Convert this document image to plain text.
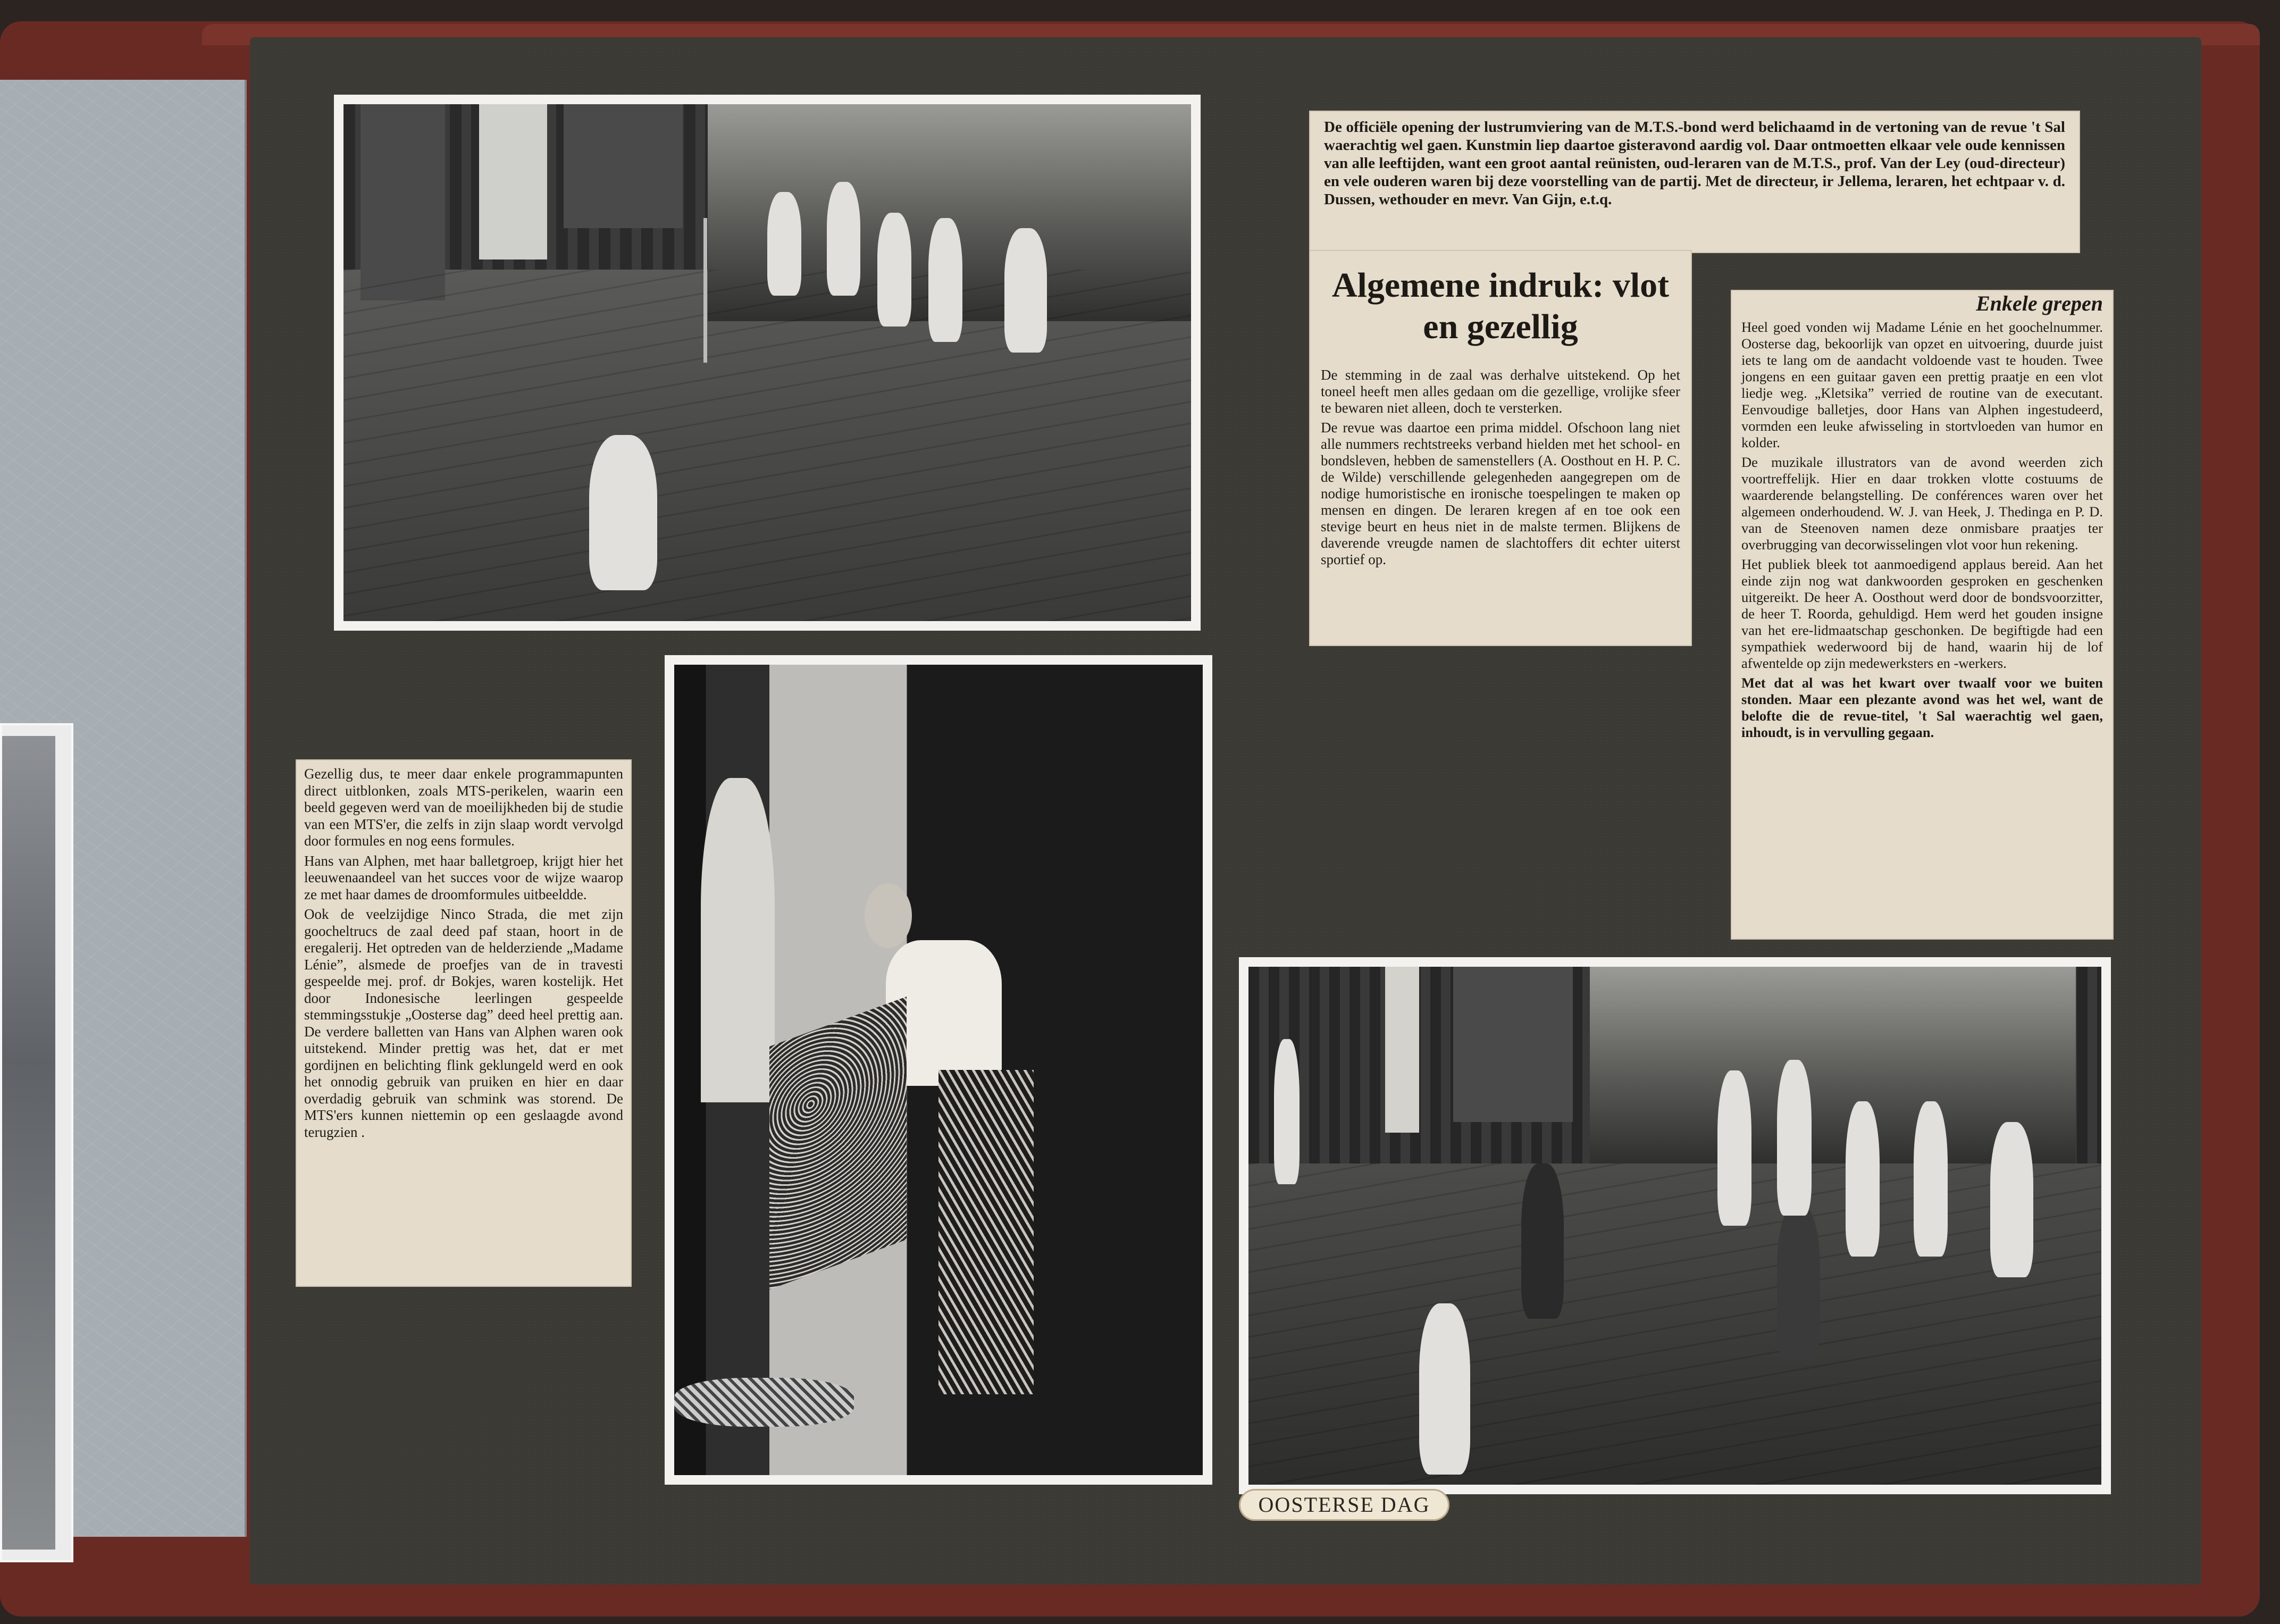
De officiële opening der lustrumviering van de M.T.S.-bond werd belichaamd in de vertoning van de revue 't Sal waerachtig wel gaen. Kunstmin liep daartoe gisteravond aardig vol. Daar ontmoetten elkaar vele oude kennissen van alle leeftijden, want een groot aantal reünisten, oud-leraren van de M.T.S., prof. Van der Ley (oud-directeur) en vele ouderen waren bij deze voorstelling van de partij. Met de directeur, ir Jellema, leraren, het echtpaar v. d. Dussen, wethouder en mevr. Van Gijn, e.t.q.

Algemene indruk: vlot en gezellig

De stemming in de zaal was derhalve uitstekend. Op het toneel heeft men alles gedaan om die gezellige, vrolijke sfeer te bewaren niet alleen, doch te versterken.

De revue was daartoe een prima middel. Ofschoon lang niet alle nummers rechtstreeks verband hielden met het school- en bondsleven, hebben de samenstellers (A. Oosthout en H. P. C. de Wilde) verschillende gelegenheden aangegrepen om de nodige humoristische en ironische toespelingen te maken op mensen en dingen. De leraren kregen af en toe ook een stevige beurt en heus niet in de malste termen. Blijkens de daverende vreugde namen de slachtoffers dit echter uiterst sportief op.

Enkele grepen

Heel goed vonden wij Madame Lénie en het goochelnummer. Oosterse dag, bekoorlijk van opzet en uitvoering, duurde juist iets te lang om de aandacht voldoende vast te houden. Twee jongens en een guitaar gaven een prettig praatje en een vlot liedje weg. „Kletsika” verried de routine van de executant. Eenvoudige balletjes, door Hans van Alphen ingestudeerd, vormden een leuke afwisseling in stortvloeden van humor en kolder.

De muzikale illustrators van de avond weerden zich voortreffelijk. Hier en daar trokken vlotte costuums de waarderende belangstelling. De conférences waren over het algemeen onderhoudend. W. J. van Heek, J. Thedinga en P. D. van de Steenoven namen deze onmisbare praatjes ter overbrugging van decorwisselingen vlot voor hun rekening.

Het publiek bleek tot aanmoedigend applaus bereid. Aan het einde zijn nog wat dankwoorden gesproken en geschenken uitgereikt. De heer A. Oosthout werd door de bondsvoorzitter, de heer T. Roorda, gehuldigd. Hem werd het gouden insigne van het ere-lidmaatschap geschonken. De begiftigde had een sympathiek wederwoord bij de hand, waarin hij de lof afwentelde op zijn medewerksters en -werkers.

Met dat al was het kwart over twaalf voor we buiten stonden. Maar een plezante avond was het wel, want de belofte die de revue-titel, 't Sal waerachtig wel gaen, inhoudt, is in vervulling gegaan.

Gezellig dus, te meer daar enkele programmapunten direct uitblonken, zoals MTS-perikelen, waarin een beeld gegeven werd van de moeilijkheden bij de studie van een MTS'er, die zelfs in zijn slaap wordt vervolgd door formules en nog eens formules.

Hans van Alphen, met haar balletgroep, krijgt hier het leeuwenaandeel van het succes voor de wijze waarop ze met haar dames de droomformules uitbeeldde.

Ook de veelzijdige Ninco Strada, die met zijn goocheltrucs de zaal deed paf staan, hoort in de eregalerij. Het optreden van de helderziende „Madame Lénie”, alsmede de proefjes van de in travesti gespeelde mej. prof. dr Bokjes, waren kostelijk. Het door Indonesische leerlingen gespeelde stemmingsstukje „Oosterse dag” deed heel prettig aan. De verdere balletten van Hans van Alphen waren ook uitstekend. Minder prettig was het, dat er met gordijnen en belichting flink geklungeld werd en ook het onnodig gebruik van pruiken en hier en daar overdadig gebruik van schmink was storend. De MTS'ers kunnen niettemin op een geslaagde avond terugzien .

OOSTERSE DAG
